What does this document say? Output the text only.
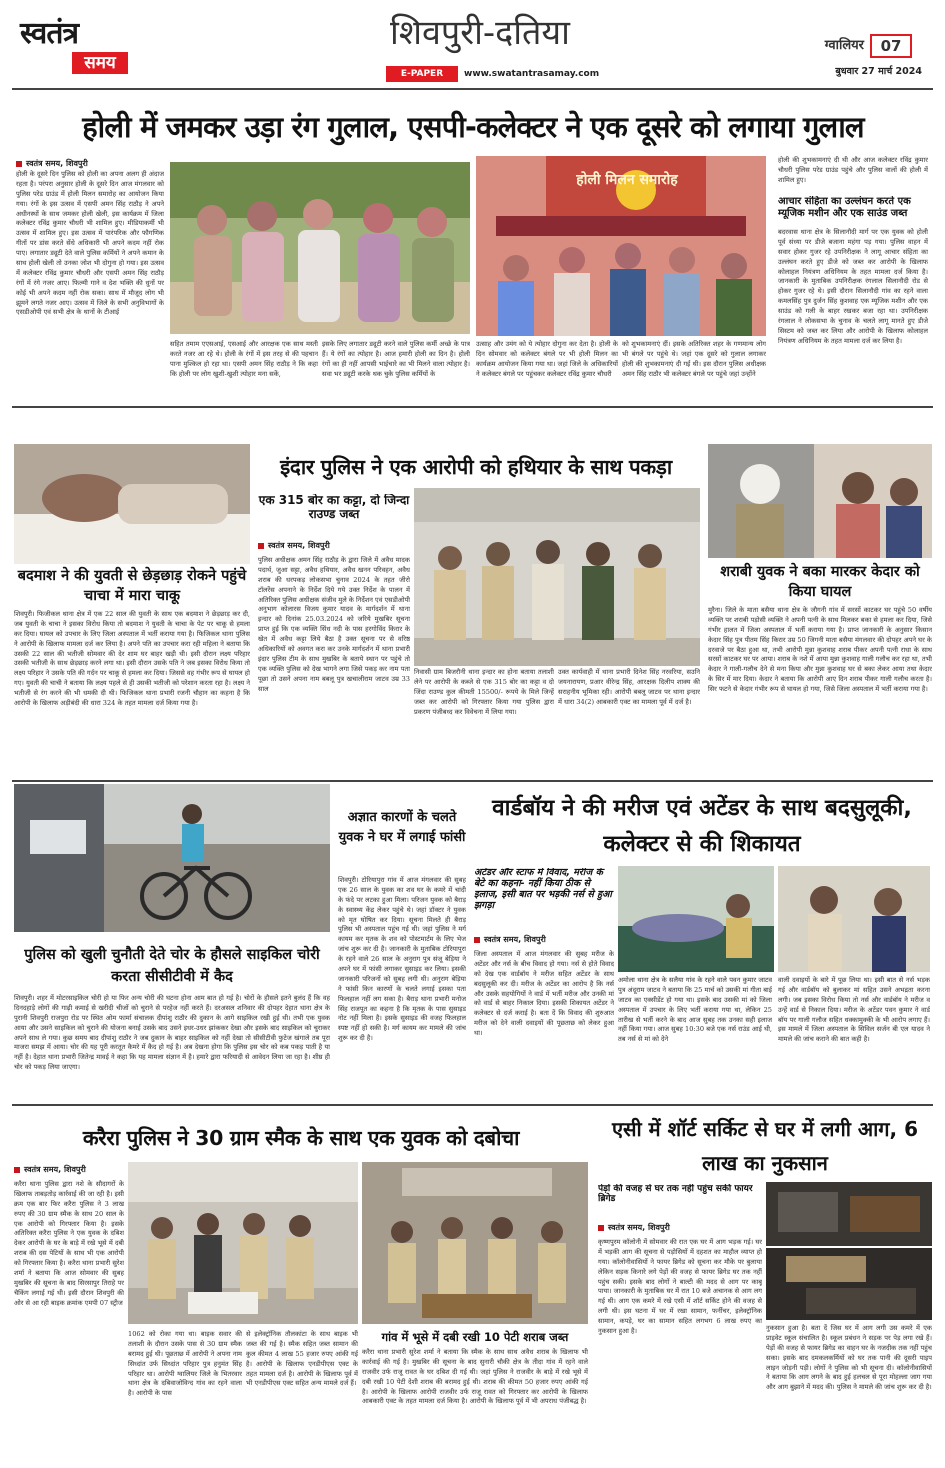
स्वतंत्र
समय
शिवपुरी-दतिया
E-PAPER	www.swatantrasamay.com
ग्वालियर	07
बुधवार 27 मार्च 2024
होली में जमकर उड़ा रंग गुलाल, एसपी-कलेक्टर ने एक दूसरे को लगाया गुलाल
स्वतंत्र समय, शिवपुरी
होली के दूसरे दिन पुलिस को होली का अपना अलग ही अंदाज रहता है। परंपरा अनुसार होली के दूसरे दिन आज मंगलवार को पुलिस परेड ग्राउंड में होली मिलन समारोह का आयोजन किया गया। रंगों के इस उत्सव में एसपी अमन सिंह राठौड़ ने अपने अधीनस्थों के साथ जमकर होली खेली, इस कार्यक्रम में जिला कलेक्टर रविंद्र कुमार चौधरी भी शामिल हुए। मीडियाकर्मी भी उत्सव में शामिल हुए। इस उत्सव में पारंपरिक और फौगणिक गीतों पर डांस करते सेंधे अधिकारी भी अपने कदम नहीं रोक पाए। लगातार ड्यूटी देते वाले पुलिस कर्मियों ने अपने कमान के साथ होली खेली तो उनका जोश भी दोगुना हो गया। इस उत्सव में कलेक्टर रविंद्र कुमार चौधरी और एसपी अमन सिंह राठौड़ रंगों में रंगे नजर आए। फिल्मी गाने व देश भक्ति की धुनों पर कोई भी अपने कदम नहीं रोक सका। साथ में मौजूद लोग भी झूमने लगते नजर आए। उत्सव में जिले के सभी अनुविभागों के एसडीओपी एवं सभी क्षेत्र के थानों के टीआई
सहित तमाम एएसआई, एसआई और आरक्षक एक साथ मस्ती करते नजर आ रहे थे। होली के रंगों में इस तरह से की पहचान पाना मुश्किल हो रहा था। एसपी अमन सिंह राठौड़ ने कि कहा कि होली पर लोग खुशी-खुशी त्योहार मना सकें,
इसके लिए लगातार ड्यूटी करने वाले पुलिस कर्मी अच्छे के पात्र हैं। ये रंगों का त्योहार है। आज हमारी होली का दिन है। होली रंगों का ही नहीं आपसी भाईचारे का भी मिलने वाला त्योहार है। सवा भर ड्यूटी करके थक चुके पुलिस कर्मियों के
होली मिलन समारोह
उत्साह और उमंग को ये त्योहार दोगुना कर देता है। होली के दिन सोमवार को कलेक्टर बंगले पर भी होली मिलन का कार्यक्रम आयोजन किया गया था। जहां जिले के अधिकारियों ने कलेक्टर बंगले पर पहुंचकर कलेक्टर रविंद्र कुमार चौधरी
को शुभकामनाएं दीं। इसके अतिरिक्त शहर के गणमान्य लोग भी बंगले पर पहुंचे थे। जहां एक दूसरे को गुलाल लगाकर होली की शुभकामनाएं दी गईं थी। इस दौरान पुलिस अधीक्षक अमन सिंह राठौर भी कलेक्टर बंगले पर पहुंचे जहां उन्होंने
होली की शुभकामनाएं दी थी और आज कलेक्टर रविंद्र कुमार चौधरी पुलिस परेड ग्राउंड पहुंचे और पुलिस वालों की होली में शामिल हुए।
आचार संहिता का उल्लंघन करते एक म्यूजिक मशीन और एक साउंड जब्त
बदरवास थाना क्षेत्र के सिलानौदी मार्ग पर एक युवक को होली पूर्व संध्या पर डीजे बजाना महंगा पड़ गया। पुलिस वाहन में सवार होकर गुजर रहे उपनिरीक्षक ने लागू आचार संहिता का उल्लंघन करते हुए डीजे को जब्त कर आरोपी के खिलाफ कोलाहल नियंत्रण अधिनियम के तहत मामला दर्ज किया है। जानकारी के मुताबिक उपनिरीक्षक रंगलाल सिलानौदी रोड से होकर गुजर रहे थे। इसी दौरान सिलानौदी गांव का रहने वाला कमलसिंह पुत्र दुर्जन सिंह कुशवाह एक म्यूजिक मशीन और एक साउंड को गली के बाहर रखकर बजा रहा था। उपनिरीक्षक रंगलाल ने लोकसभा के चुनाव के चलते लागू मानते हुए डीजे सिस्टम को जब्त कर लिया और आरोपी के खिलाफ कोलाहल नियंत्रण अधिनियम के तहत मामला दर्ज कर लिया है।
बदमाश ने की युवती से छेड़छाड़ रोकने पहुंचे चाचा में मारा चाकू
शिवपुरी। फिजीकल थाना क्षेत्र में एक 22 साल की युवती के साथ एक बदमाश ने छेड़छाड़ कर दी, जब युवती के चाचा ने इसका विरोध किया तो बदमाश ने युवती के चाचा के पेट पर चाकू से हमला कर दिया। घायल को उपचार के लिए जिला अस्पताल में भर्ती कराया गया है। फिजिकल थाना पुलिस ने आरोपी के खिलाफ मामला दर्ज कर लिया है। अपने पति का उपचार करा रही महिला ने बताया कि उसकी 22 साल की भतीजी सोमवार की देर शाम घर बाहर खड़ी थी। इसी दौरान लक्ष्य परिहार उसकी भतीजी के साथ छेड़छाड़ करने लगा था। इसी दौरान उसके पति ने जब इसका विरोध किया तो लक्ष्य परिहार ने उसके पति की गर्दन पर चाकू से हमला कर दिया। जिससे वह गंभीर रूप से घायल हो गए। युवती की चाची ने बताया कि लक्ष्य पहले से ही उसकी भतीजी को परेशान करता रहा है। लक्ष्य ने भतीजी से रंग करने की भी धमकी दी थी। फिजिकल थाना प्रभारी रजनी चौहान का कहना है कि आरोपी के खिलाफ अड़ीबंदी की धारा 324 के तहत मामला दर्ज किया गया है।
इंदार पुलिस ने एक आरोपी को हथियार के साथ पकड़ा
एक 315 बोर का कट्टा, दो जिन्दा राउण्ड जब्त
स्वतंत्र समय, शिवपुरी
पुलिस अधीक्षक अमन सिंह राठौड़ के द्वारा जिले में अवैध मादक पदार्थ, जुआ सट्टा, अवैध हथियार, अवैध खनन परिवहन, अवैध शराब की धरपकड़ लोकसभा चुनाव 2024 के तहत जीरो टॉलरेंस अपनाने के निर्देश दिये गये उक्त निर्देश के पालन में अतिरिक्त पुलिस अधीक्षक संजीव मुले के निर्देशन एवं एसडीओपी अनुभाग कोलारस विजय कुमार यादव के मार्गदर्शन में थाना इन्दार को दिनांक 25.03.2024 को जरिये मुखबिर सूचना प्राप्त हुई कि एक व्यक्ति सिंध नदी के पास हरगोविंद किरार के खेत में अवैध कट्टा लिये बैठा है उक्त सूचना पर से वरिष्ठ अधिकारियों को अवगत करा कर उनके मार्गदर्शन में थाना प्रभारी इंदार पुलिस टीम के साथ मुखबिर के बताये स्थान पर पहुंचे तो एक व्यक्ति पुलिस को देख भागने लगा जिसे पकड़ कर नाम पता पूछा तो उसने अपना नाम बबलू पुत्र खचालीराम जाटव उम्र 33 साल
निवासी ग्राम बिजरौनी थाना इन्दार का होना बताया तलाशी लेने पर आरोपी के कब्जे से एक 315 बोर का कट्टा व दो जिंदा राउण्ड कुल कीमती 15500/- रूपये के मिले जिन्हें जब्त कर आरोपी को गिरफ्तार किया गया पुलिस द्वारा प्रकरण पंजीबध्द कर विवेचना में लिया गया।
उक्त कार्यवाही में थाना प्रभारी दिनेश सिंह नरवरिया, सउनि जयनारायण, प्रआर वीरेन्द्र सिंह, आरक्षक दिलीप शाक्य की सराहनीय भूमिका रही। आरोपी बबलू जाटव पर थाना इन्दार में धारा 34(2) आबकारी एक्ट का मामला पूर्व में दर्ज है।
शराबी युवक ने बका मारकर केदार को किया घायल
मुरैना। जिले के माता बसैया थाना क्षेत्र के जौगनी गांव में सरसों काटकर घर पहुंचे 50 वर्षीय व्यक्ति पर शराबी पड़ोसी व्यक्ति ने अपनी पत्नी के साथ मिलकर बका से हमला कर दिया, जिसे गंभीर हालत में जिला अस्पताल में भर्ती कराया गया है। प्राप्त जानकारी के अनुसार किसान केदार सिंह पुत्र पीतम सिंह किरार उम्र 50 जिगनी माता बसैया मंगलवार की दोपहर अपने घर के दरवाजे पर बैठा हुआ था, तभी आरोपी मुन्ना कुशवाह शराब पीकर अपनी पत्नी राधा के साथ सरसों काटकर घर पर आया। शराब के नशे में आया मुन्ना कुशवाह गाली गलौच कर रहा था, तभी केदार ने गाली-गलौच देने से मना किया और मुन्ना कुशवाह घर से बका लेकर आया तथा केदार के सिर में मार दिया। केदार ने बताया कि आरोपी आए दिन शराब पीकर गाली गलौच करता है। सिर फटने से केदार गंभीर रूप से घायल हो गया, जिसे जिला अस्पताल में भर्ती कराया गया है।
पुलिस को खुली चुनौती देते चोर के हौसले साइकिल चोरी करता सीसीटीवी में कैद
अज्ञात कारणों के चलते युवक ने घर में लगाई फांसी
शिवपुरी। टोरियापुरा गांव में आज मंगलवार की सुबह एक 26 साल के युवक का शव घर के कमरे में चांदी के फंदे पर लटका हुआ मिला। परिजन युवक को बैराड़ के स्वास्थ्य केंद्र लेकर पहुंचे थे। जहां डॉक्टर ने युवक को मृत घोषित कर दिया। सूचना मिलते ही बैराड़ पुलिस भी अस्पताल पहुंच गई थी। जहां पुलिस ने मर्ग कायम कर मृतक के शव को पोस्टमार्टम के लिए भेज जांच शुरू कर दी है। जानकारी के मुताबिक टोरियापुरा के रहने वाले 26 साल के अनुराग पुत्र संजू बेड़िया ने अपने घर में फांसी लगाकर सुसाइड कर लिया। इसकी जानकारी परिजनों को सुबह लगी थी। अनुराग बेड़िया ने फांसी किन कारणों के चलते लगाई इसका पता फिलहाल नहीं लग सका है। बैराड़ थाना प्रभारी मनोज सिंह राजपूत का कहना है कि मृतक के पास सुसाइड नोट नहीं मिला है। इसके सुसाइड की वजह फिलहाल स्पष्ट नहीं हो सकी है। मर्ग कायम कर मामले की जांच शुरू कर दी है।
वार्डबॉय ने की मरीज एवं अटेंडर के साथ बदसुलूकी, कलेक्टर से की शिकायत
अटेंडर और स्टाफ में विवाद, मरीज के बेटे का कहना- नहीं किया ठीक से इलाज, इसी बात पर भड़की नर्स से हुआ झगड़ा
स्वतंत्र समय, शिवपुरी
जिला अस्पताल में आज मंगलवार की सुबह मरीज के अटेंडर और नर्स के बीच विवाद हो गया। नर्स से होते विवाद को देख एक वार्डबॉय ने मरीज सहित अटेंडर के साथ बदसुलूकी कर दी। मरीज के अटेंडर का आरोप है कि नर्स और उसके सहयोगियों ने वार्ड में भर्ती मरीज और उनकी मां को वार्ड से बाहर निकाल दिया। इसकी शिकायत अटेंडर ने कलेक्टर से दर्ज कराई है। बता दें कि विवाद की शुरुआत मरीज को देने वाली दवाइयों की पूछताछ को लेकर हुआ था।
अमोला थाना क्षेत्र के सलैया गांव के रहने वाले पवन कुमार जाटव पुत्र अंदूराम जाटव ने बताया कि 25 मार्च को उसकी मां गीता बाई जाटव का एक्सीडेंट हो गया था। इसके बाद उसकी मां को जिला अस्पताल में उपचार के लिए भर्ती कराया गया था, लेकिन 25 तारीख से भर्ती करने के बाद आज सुबह तक उनका सही इलाज नहीं किया गया। आज सुबह 10:30 बजे एक नर्स राउंड आई थी, तब नर्स से मां को देने
वाली दवाइयों के बारे में पूछ लिया था। इसी बात से नर्स भड़क गई और वार्डबॉय को बुलाकर मां सहित उसने अभद्रता करना लगी। जब इसका विरोध किया तो नर्स और वार्डबॉय ने मरीज व उन्हें वार्ड से निकाल दिया। मरीज के अटेंडर पवन कुमार ने वार्ड बॉय पर गाली गलौज सहित धक्कामुक्की के भी आरोप लगाए हैं। इस मामले में जिला अस्पताल के सिविल सर्जन बी एल यादव ने मामले की जांच कराने की बात कही है।
शिवपुरी। शहर में मोटरसाइकिल चोरी हो या फिर अन्य चोरी की घटना होना आम बात हो गई है। चोरों के हौसले इतने बुलंद हैं कि वह दिनदहाड़े लोगों की गाढ़ी कमाई से खरीदी चीजों को चुराने से परहेज नहीं करते हैं। दरअसल शनिवार की दोपहर देहात थाना क्षेत्र के पुरानी शिवपुरी राजपुरा रोड पर स्थित ओम फार्मा संचालक दीपांशु राठौर की दुकान के आगे साइकिल रखी हुई थी। तभी एक युवक आया और उसने साइकिल को चुराने की योजना बनाई उसके बाद उसने इधर-उधर झांककर देखा और इसके बाद साइकिल को चुराकर अपने साथ ले गया। कुछ समय बाद दीपांशु राठौर ने जब दुकान के बाहर साइकिल को नहीं देखा तो सीसीटीवी फुटेज खंगाले तब पूरा माजरा समझ में आया। चोर की यह पूरी करतूत कैमरे में कैद हो गई है। अब देखना होगा कि पुलिस इस चोर को कब पकड़ पाती है या नहीं है। देहात थाना प्रभारी जितेन्द्र मावई ने कहा कि यह मामला संज्ञान में है। हमारे द्वारा फरियादी से आवेदन लिया जा रहा है। शीघ्र ही चोर को पकड़ लिया जाएगा।
करैरा पुलिस ने 30 ग्राम स्मैक के साथ एक युवक को दबोचा
स्वतंत्र समय, शिवपुरी
करैरा थाना पुलिस द्वारा नशे के सौदागरों के खिलाफ ताबड़तोड़ कार्रवाई की जा रही है। इसी क्रम एक बार फिर करैरा पुलिस ने 3 लाख रुपए की 30 ग्राम स्मैक के साथ 20 साल के एक आरोपी को गिरफ्तार किया है। इसके अतिरिक्त करैरा पुलिस ने एक युवक के दबिश देकर आरोपी के घर के बाड़े में रखे भूसे में दबी शराब की दस पेटियों के साथ भी एक आरोपी को गिरफ्तार किया है। करैरा थाना प्रभारी सुरेश शर्मा ने बताया कि आज सोमवार की सुबह मुखबिर की सूचना के बाद सिरसापुर तिराहे पर चैकिंग लगाई गई थी। इसी दौरान शिवपुरी की ओर से आ रही बाइक क्रमांक एमपी 07 स्ट्रीज
1062 को रोका गया था। बाइक सवार की तलाशी के दौरान उसके पास से 30 ग्राम स्मैक बरामद हुई थी। पूछताछ में आरोपी ने अपना नाम सिध्दांत उर्फ सिध्दांत परिहार पुत्र हनुमंत सिंह परिहार था। आरोपी ग्वालियर जिले के भितरवार थाना क्षेत्र के दबिवाजोविन्द गांव का रहने वाला है। आरोपी के पास
से इलेक्ट्रॉनिक तौलकांटा के साथ बाइक भी जब्त की गई है। स्मैक सहित जब्त सामान की कुल कीमत 4 लाख 55 हजार रुपए आंकी गई है। आरोपी के खिलाफ एनडीपीएस एक्ट के तहत मामला दर्ज है। आरोपी के खिलाफ पूर्व में भी एनडीपीएस एक्ट सहित अन्य मामले दर्ज हैं।
गांव में भूसे में दबी रखी 10 पेटी शराब जब्त
करैरा थाना प्रभारी सुरेश शर्मा ने बताया कि स्मैक के साथ साथ अवैध शराब के खिलाफ भी कार्रवाई की गई है। मुखबिर की सूचना के बाद सुनारी चौकी क्षेत्र के तीदा गांव में रहने वाले राजवीर उर्फ राजू रावत के घर दबिश दी गई थी। जहां पुलिस ने राजवीर के बाड़े में रखे भूसे में दबी रखी 10 पेटी देशी शराब की बरामद हुई थी। शराब की कीमत 50 हजार रुपए आंकी गई है। आरोपी के खिलाफ आरोपी राजवीर उर्फ राजू रावत को गिरफ्तार कर आरोपी के खिलाफ आबकारी एक्ट के तहत मामला दर्ज किया है। आरोपी के खिलाफ पूर्व में भी अपराध पंजीबद्ध है।
एसी में शॉर्ट सर्किट से घर में लगी आग, 6 लाख का नुकसान
पेड़ों की वजह से घर तक नहीं पहुंच सकी फायर ब्रिगेड
स्वतंत्र समय, शिवपुरी
कृष्णपुरम कॉलोनी में सोमवार की रात एक घर में आग भड़क गई। घर में भड़की आग की सूचना से पड़ोसियों में दहशत का माहौल व्याप्त हो गया। कॉलोनीवासियों ने फायर ब्रिगेड को सूचना कर मौके पर बुलाया लेकिन सड़क किनारे लगे पेड़ों की वजह से फायर ब्रिगेड घर तक नहीं पहुंच सकी। इसके बाद लोगों ने बाल्टी की मदद से आग पर काबू पाया। जानकारी के मुताबिक घर में रात 10 बजे अचानक से आग लग गई थी। आग एक कमरे में रखे एसी में शॉर्ट सर्किट होने की वजह से लगी थी। इस घटना में घर में रखा सामान, फर्नीचर, इलेक्ट्रॉनिक सामान, कपड़े, घर का सामान सहित लगभग 6 लाख रुपए का नुकसान हुआ है।	नुकसान हुआ है। बता दें जिस घर में आग लगी उस कमरे में एक प्राइवेट स्कूल संचालित है। स्कूल प्रबंधन ने सड़क पर पेड़ लगा रखे हैं। पेड़ों की वजह से फायर ब्रिगेड का वाहन घर के नजदीक तक नहीं पहुंच सका। इसके बाद दमकलकर्मियों को घर तक पानी की दूसरी पाइप लाइन जोड़नी पड़ी। लोगों ने पुलिस को भी सूचना दी। कॉलोनीवासियों ने बताया कि आग लगने के बाद हुई हलचल से पूरा मोहल्ला जाग गया और आग बुझाने में मदद की। पुलिस ने मामले की जांच शुरू कर दी है।
